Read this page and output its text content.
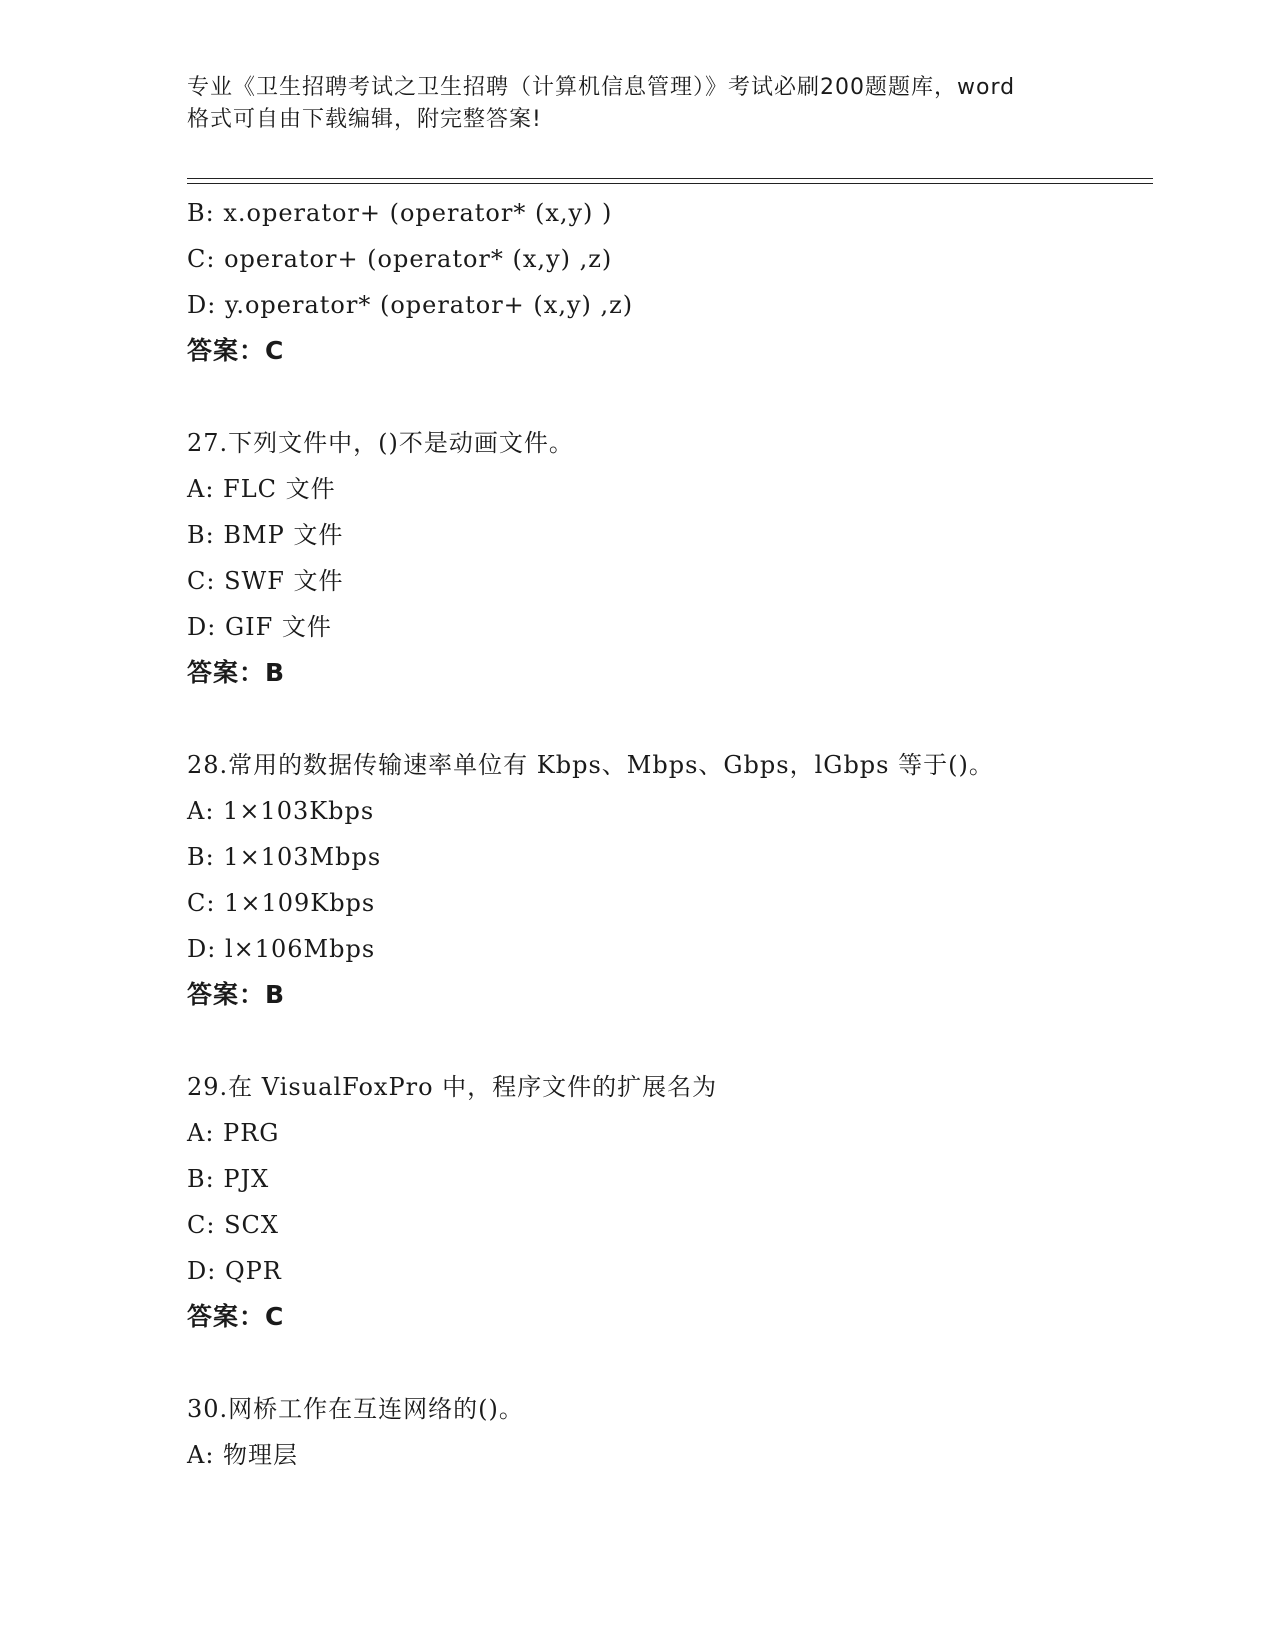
专业《卫生招聘考试之卫生招聘（计算机信息管理）》考试必刷200题题库，word
格式可自由下载编辑，附完整答案!
B: x.operator+ (operator* (x,y) )
C: operator+ (operator* (x,y) ,z)
D: y.operator* (operator+ (x,y) ,z)
答案：C
27.下列文件中，()不是动画文件。
A: FLC 文件
B: BMP 文件
C: SWF 文件
D: GIF 文件
答案：B
28.常用的数据传输速率单位有 Kbps、Mbps、Gbps，lGbps 等于()。
A: 1×103Kbps
B: 1×103Mbps
C: 1×109Kbps
D: l×106Mbps
答案：B
29.在 VisualFoxPro 中，程序文件的扩展名为
A: PRG
B: PJX
C: SCX
D: QPR
答案：C
30.网桥工作在互连网络的()。
A: 物理层
